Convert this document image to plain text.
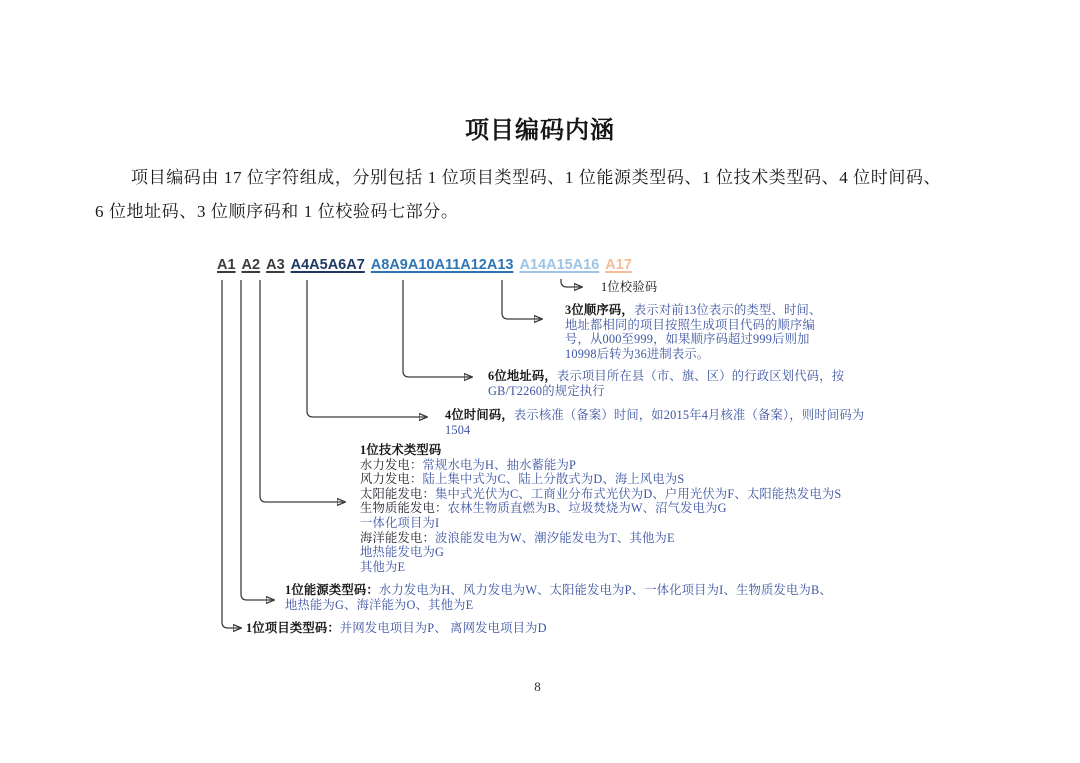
项目编码内涵
项目编码由 17 位字符组成，分别包括 1 位项目类型码、1 位能源类型码、1 位技术类型码、4 位时间码、
6 位地址码、3 位顺序码和 1 位校验码七部分。
A1 A2 A3 A4A5A6A7 A8A9A10A11A12A13 A14A15A16 A17
1位校验码
3位顺序码，表示对前13位表示的类型、时间、地址都相同的项目按照生成项目代码的顺序编号，从000至999，如果顺序码超过999后则加10998后转为36进制表示。
6位地址码，表示项目所在县（市、旗、区）的行政区划代码，按GB/T2260的规定执行
4位时间码，表示核准（备案）时间，如2015年4月核准（备案），则时间码为1504
1位技术类型码
水力发电：常规水电为H、抽水蓄能为P
风力发电：陆上集中式为C、陆上分散式为D、海上风电为S
太阳能发电：集中式光伏为C、工商业分布式光伏为D、户用光伏为F、太阳能热发电为S
生物质能发电：农林生物质直燃为B、垃圾焚烧为W、沼气发电为G
一体化项目为I
海洋能发电：波浪能发电为W、潮汐能发电为T、其他为E
地热能发电为G
其他为E
1位能源类型码：水力发电为H、风力发电为W、太阳能发电为P、一体化项目为I、生物质发电为B、地热能为G、海洋能为O、其他为E
1位项目类型码：并网发电项目为P、 离网发电项目为D
8
